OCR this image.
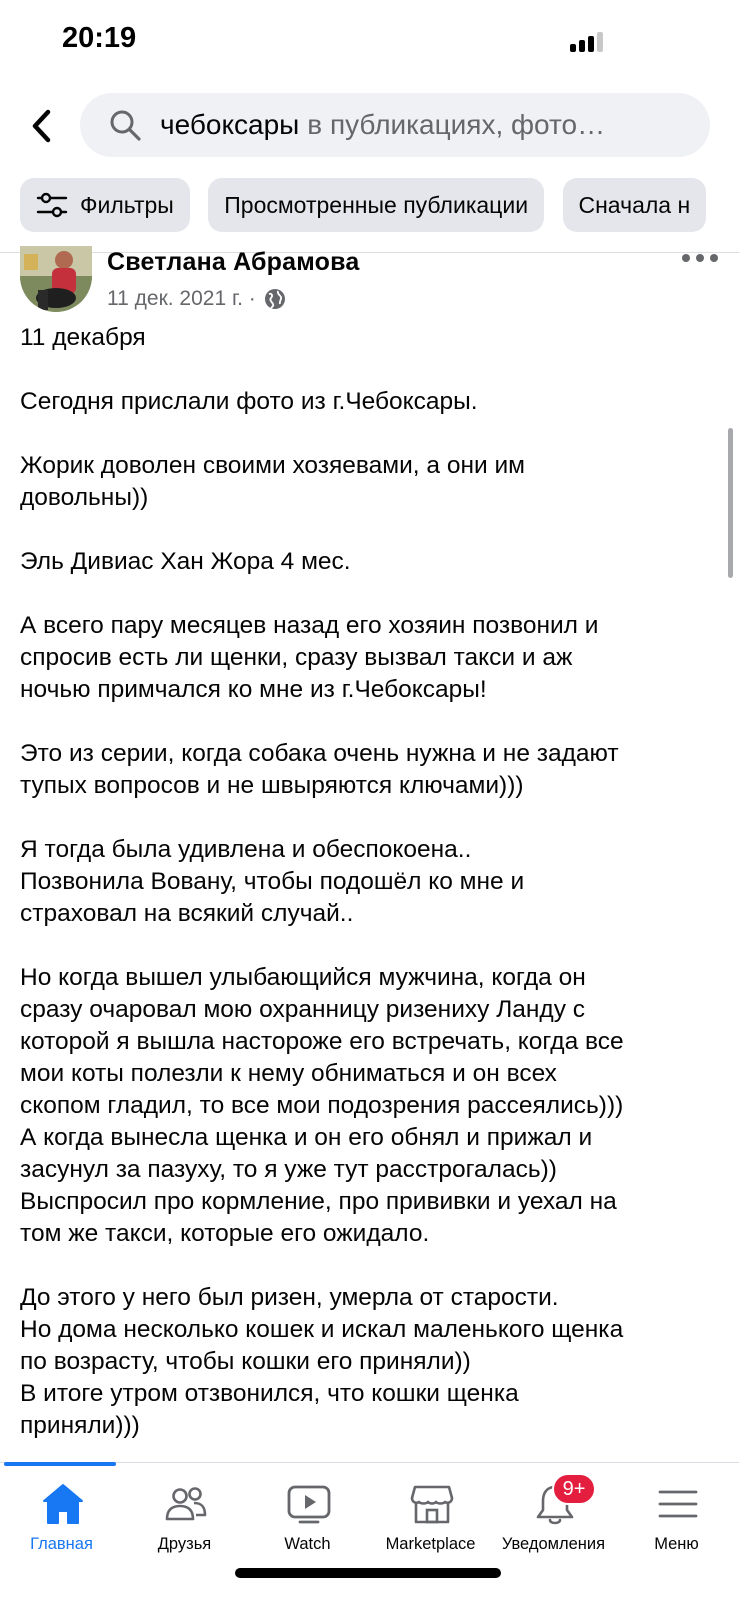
20:19
чебоксары в публикациях, фото…
Фильтры
Просмотренные публикации
Сначала н
Светлана Абрамова
11 дек. 2021 г. ·

11 декабря

Сегодня прислали фото из г.Чебоксары.

Жорик доволен своими хозяевами, а они им

довольны))

Эль Дивиас Хан Жора 4 мес.

А всего пару месяцев назад его хозяин позвонил и

спросив есть ли щенки, сразу вызвал такси и аж

ночью примчался ко мне из г.Чебоксары!

Это из серии, когда собака очень нужна и не задают

тупых вопросов и не швыряются ключами)))

Я тогда была удивлена и обеспокоена..

Позвонила Вовану, чтобы подошёл ко мне и

страховал на всякий случай..

Но когда вышел улыбающийся мужчина, когда он

сразу очаровал мою охранницу ризениху Ланду с

которой я вышла настороже его встречать, когда все

мои коты полезли к нему обниматься и он всех

скопом гладил, то все мои подозрения рассеялись)))

А когда вынесла щенка и он его обнял и прижал и

засунул за пазуху, то я уже тут расстрогалась))

Выспросил про кормление, про прививки и уехал на

том же такси, которые его ожидало.

До этого у него был ризен, умерла от старости.

Но дома несколько кошек и искал маленького щенка

по возрасту, чтобы кошки его приняли))

В итоге утром отзвонился, что кошки щенка

приняли)))

Главная	Друзья	Watch	Marketplace
9+
Уведомления	Меню
